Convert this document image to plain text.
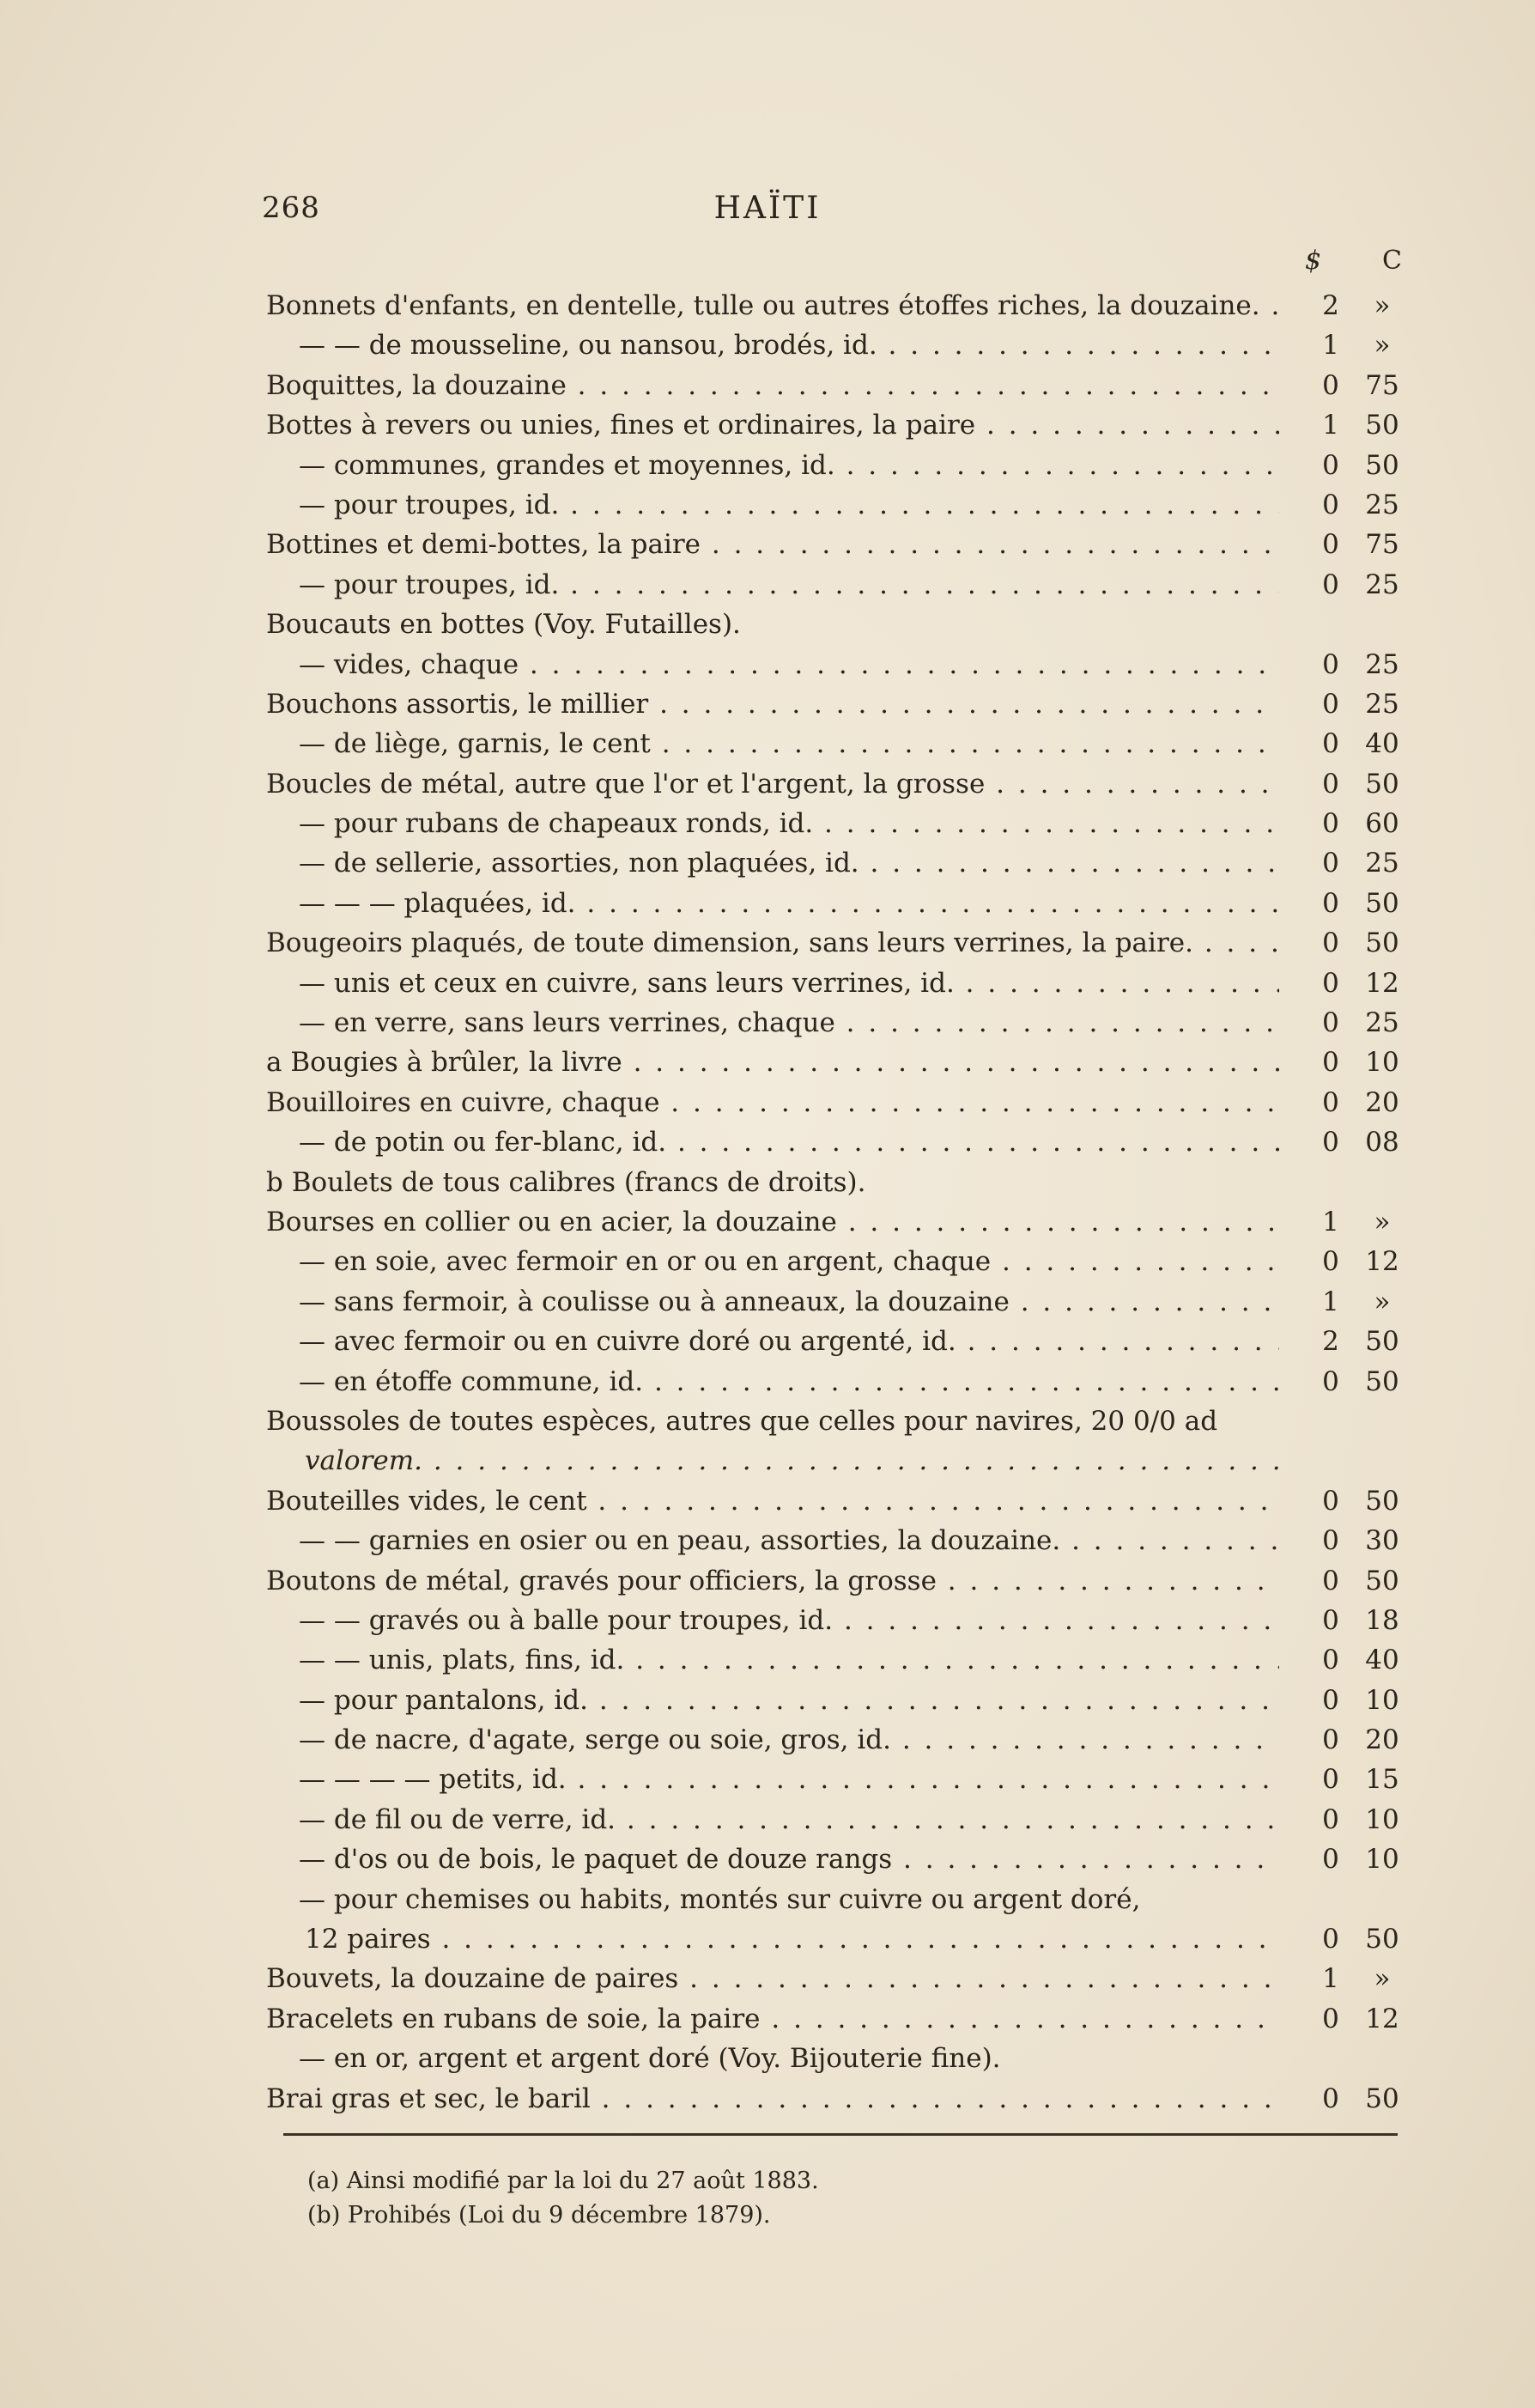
268	HAÏTI
$ C
Bonnets d'enfants, en dentelle, tulle ou autres étoffes riches, la douzaine. . . .	2	»
— — de mousseline, ou nansou, brodés, id. . . .	1	»
Boquittes, la douzaine . . .	0 75
Bottes à revers ou unies, fines et ordinaires, la paire . . .	1 50
— communes, grandes et moyennes, id. . . .	0 50
— pour troupes, id. . . .	0 25
Bottines et demi-bottes, la paire . . .	0 75
— pour troupes, id. . . .	0 25
Boucauts en bottes (Voy. Futailles).
— vides, chaque . . .	0 25
Bouchons assortis, le millier . . .	0 25
— de liège, garnis, le cent . . .	0 40
Boucles de métal, autre que l'or et l'argent, la grosse . . .	0 50
— pour rubans de chapeaux ronds, id. . . .	0 60
— de sellerie, assorties, non plaquées, id. . . .	0 25
— — — plaquées, id. . . .	0 50
Bougeoirs plaqués, de toute dimension, sans leurs verrines, la paire. . . .	0 50
— unis et ceux en cuivre, sans leurs verrines, id. . . .	0 12
— en verre, sans leurs verrines, chaque . . .	0 25
a Bougies à brûler, la livre . . .	0 10
Bouilloires en cuivre, chaque . . .	0 20
— de potin ou fer-blanc, id. . . .	0 08
b Boulets de tous calibres (francs de droits).
Bourses en collier ou en acier, la douzaine . . .	1	»
— en soie, avec fermoir en or ou en argent, chaque . . .	0 12
— sans fermoir, à coulisse ou à anneaux, la douzaine . . .	1	»
— avec fermoir ou en cuivre doré ou argenté, id. . . .	2 50
— en étoffe commune, id. . . .	0 50
Boussoles de toutes espèces, autres que celles pour navires, 20 0/0 ad
valorem. . . .
Bouteilles vides, le cent . . .	0 50
— — garnies en osier ou en peau, assorties, la douzaine. . . .	0 30
Boutons de métal, gravés pour officiers, la grosse . . .	0 50
— — gravés ou à balle pour troupes, id. . . .	0 18
— — unis, plats, fins, id. . . .	0 40
— pour pantalons, id. . . .	0 10
— de nacre, d'agate, serge ou soie, gros, id. . . .	0 20
— — — — petits, id. . . .	0 15
— de fil ou de verre, id. . . .	0 10
— d'os ou de bois, le paquet de douze rangs . . .	0 10
— pour chemises ou habits, montés sur cuivre ou argent doré,
12 paires . . .	0 50
Bouvets, la douzaine de paires . . .	1	»
Bracelets en rubans de soie, la paire . . .	0 12
— en or, argent et argent doré (Voy. Bijouterie fine).
Brai gras et sec, le baril . . .	0 50
(a) Ainsi modifié par la loi du 27 août 1883.
(b) Prohibés (Loi du 9 décembre 1879).
